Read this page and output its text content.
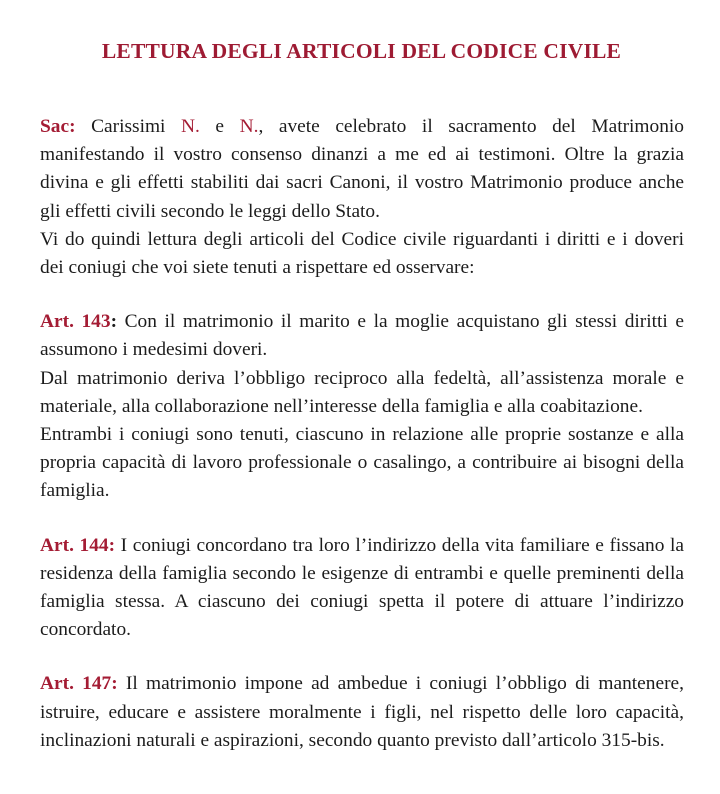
LETTURA DEGLI ARTICOLI DEL CODICE CIVILE

Sac: Carissimi N. e N., avete celebrato il sacramento del Matrimonio manifestando il vostro consenso dinanzi a me ed ai testimoni. Oltre la grazia divina e gli effetti stabiliti dai sacri Canoni, il vostro Matrimonio produce anche gli effetti civili secondo le leggi dello Stato.

Vi do quindi lettura degli articoli del Codice civile riguardanti i diritti e i doveri dei coniugi che voi siete tenuti a rispettare ed osservare:

Art. 143: Con il matrimonio il marito e la moglie acquistano gli stessi diritti e assumono i medesimi doveri.

Dal matrimonio deriva l’obbligo reciproco alla fedeltà, all’assistenza morale e materiale, alla collaborazione nell’interesse della famiglia e alla coabitazione.

Entrambi i coniugi sono tenuti, ciascuno in relazione alle proprie sostanze e alla propria capacità di lavoro professionale o casalingo, a contribuire ai bisogni della famiglia.

Art. 144: I coniugi concordano tra loro l’indirizzo della vita familiare e fissano la residenza della famiglia secondo le esigenze di entrambi e quelle preminenti della famiglia stessa. A ciascuno dei coniugi spetta il potere di attuare l’indirizzo concordato.

Art. 147: Il matrimonio impone ad ambedue i coniugi l’obbligo di mantenere, istruire, educare e assistere moralmente i figli, nel rispetto delle loro capacità, inclinazioni naturali e aspirazioni, secondo quanto previsto dall’articolo 315-bis.
